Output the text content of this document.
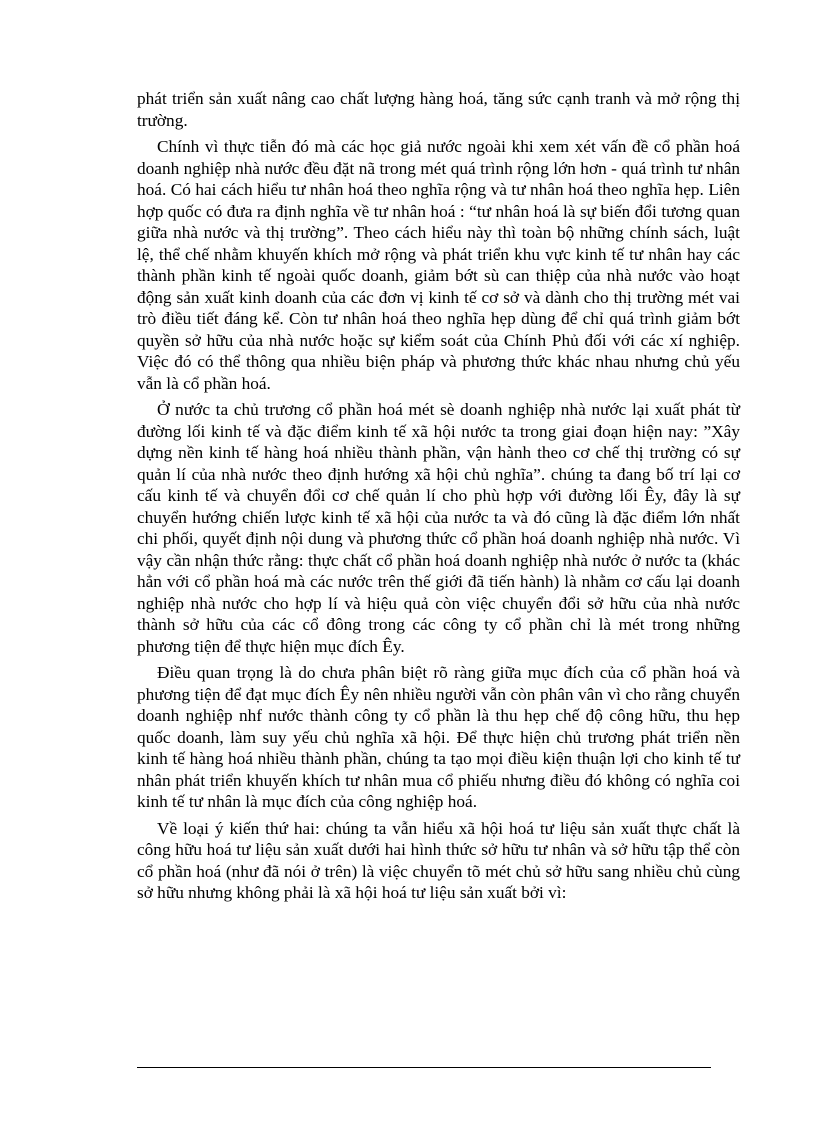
phát triển sản xuất nâng cao chất lượng hàng hoá, tăng sức cạnh tranh và mở rộng thị trường.

Chính vì thực tiễn đó mà các học giả nước ngoài khi xem xét vấn đề cổ phần hoá doanh nghiệp nhà nước đều đặt nã trong mét quá trình rộng lớn hơn - quá trình tư nhân hoá. Có hai cách hiểu tư nhân hoá theo nghĩa rộng và tư nhân hoá theo nghĩa hẹp. Liên hợp quốc có đưa ra định nghĩa về tư nhân hoá : “tư nhân hoá là sự biến đổi tương quan giữa nhà nước và thị trường”. Theo cách hiểu này thì toàn bộ những chính sách, luật lệ, thể chế nhằm khuyến khích mở rộng và phát triển khu vực kinh tế tư nhân hay các thành phần kinh tế ngoài quốc doanh, giảm bớt sù can thiệp của nhà nước vào hoạt động sản xuất kinh doanh của các đơn vị kinh tế cơ sở và dành cho thị trường mét vai trò điều tiết đáng kể. Còn tư nhân hoá theo nghĩa hẹp dùng để chỉ quá trình giảm bớt quyền sở hữu của nhà nước hoặc sự kiểm soát của Chính Phủ đối với các xí nghiệp. Việc đó có thể thông qua nhiều biện pháp và phương thức khác nhau nhưng chủ yếu vẫn là cổ phần hoá.

Ở nước ta chủ trương cổ phần hoá mét sè doanh nghiệp nhà nước lại xuất phát từ đường lối kinh tế và đặc điểm kinh tế xã hội nước ta trong giai đoạn hiện nay: ”Xây dựng nền kinh tế hàng hoá nhiều thành phần, vận hành theo cơ chế thị trường có sự quản lí của nhà nước theo định hướng xã hội chủ nghĩa”. chúng ta đang bố trí lại cơ cấu kinh tế và chuyển đổi cơ chế quản lí cho phù hợp với đường lối Êy, đây là sự chuyển hướng chiến lược kinh tế xã hội của nước ta và đó cũng là đặc điểm lớn nhất chi phối, quyết định nội dung và phương thức cổ phần hoá doanh nghiệp nhà nước. Vì vậy cần nhận thức rằng: thực chất cổ phần hoá doanh nghiệp nhà nước ở nước ta (khác hẳn với cổ phần hoá mà các nước trên thế giới đã tiến hành) là nhằm cơ cấu lại doanh nghiệp nhà nước cho hợp lí và hiệu quả còn việc chuyển đổi sở hữu của nhà nước thành sở hữu của các cổ đông trong các công ty cổ phần chỉ là mét trong những phương tiện để thực hiện mục đích Êy.

Điều quan trọng là do chưa phân biệt rõ ràng giữa mục đích của cổ phần hoá và phương tiện để đạt mục đích Êy nên nhiều người vẫn còn phân vân vì cho rằng chuyển doanh nghiệp nhf nước thành công ty cổ phần là thu hẹp chế độ công hữu, thu hẹp quốc doanh, làm suy yếu chủ nghĩa xã hội. Để thực hiện chủ trương phát triển nền kinh tế hàng hoá nhiều thành phần, chúng ta tạo mọi điều kiện thuận lợi cho kinh tế tư nhân phát triển khuyến khích tư nhân mua cổ phiếu nhưng điều đó không có nghĩa coi kinh tế tư nhân là mục đích của công nghiệp hoá.

Về loại ý kiến thứ hai: chúng ta vẫn hiểu xã hội hoá tư liệu sản xuất thực chất là công hữu hoá tư liệu sản xuất dưới hai hình thức sở hữu tư nhân và sở hữu tập thể còn cổ phần hoá (như đã nói ở trên) là việc chuyển tõ mét chủ sở hữu sang nhiều chủ cùng sở hữu nhưng không phải là xã hội hoá tư liệu sản xuất bởi vì:
